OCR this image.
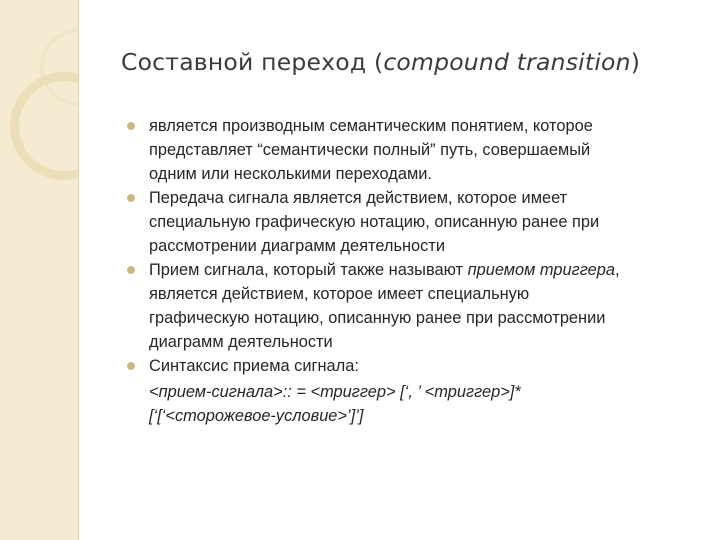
Составной переход (compound transition)
является производным семантическим понятием, которое
представляет “семантически полный” путь, совершаемый
одним или несколькими переходами.
Передача сигнала является действием, которое имеет
специальную графическую нотацию, описанную ранее при
рассмотрении диаграмм деятельности
Прием сигнала, который также называют приемом триггера,
является действием, которое имеет специальную
графическую нотацию, описанную ранее при рассмотрении
диаграмм деятельности
Синтаксис приема сигнала:
<прием-сигнала>:: = <триггер> [‘, ’ <триггер>]*
[‘[‘<сторожевое-условие>’]’]
